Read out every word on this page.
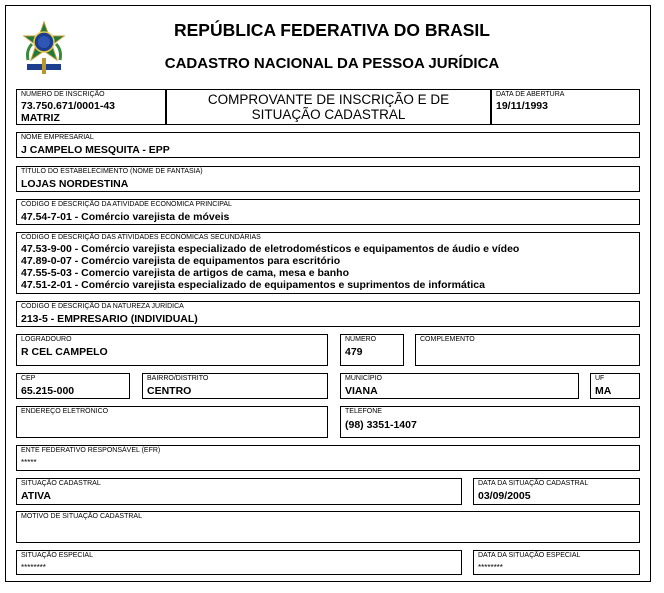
REPÚBLICA FEDERATIVA DO BRASIL
CADASTRO NACIONAL DA PESSOA JURÍDICA
NÚMERO DE INSCRIÇÃO
73.750.671/0001-43
MATRIZ
COMPROVANTE DE INSCRIÇÃO E DE
SITUAÇÃO CADASTRAL
DATA DE ABERTURA
19/11/1993
NOME EMPRESARIAL
J CAMPELO MESQUITA - EPP
TÍTULO DO ESTABELECIMENTO (NOME DE FANTASIA)
LOJAS NORDESTINA
CÓDIGO E DESCRIÇÃO DA ATIVIDADE ECONÔMICA PRINCIPAL
47.54-7-01 - Comércio varejista de móveis
CÓDIGO E DESCRIÇÃO DAS ATIVIDADES ECONÔMICAS SECUNDÁRIAS
47.53-9-00 - Comércio varejista especializado de eletrodomésticos e equipamentos de áudio e vídeo
47.89-0-07 - Comércio varejista de equipamentos para escritório
47.55-5-03 - Comercio varejista de artigos de cama, mesa e banho
47.51-2-01 - Comércio varejista especializado de equipamentos e suprimentos de informática
CÓDIGO E DESCRIÇÃO DA NATUREZA JURÍDICA
213-5 - EMPRESARIO (INDIVIDUAL)
LOGRADOURO
R CEL CAMPELO
NÚMERO
479
COMPLEMENTO
CEP
65.215-000
BAIRRO/DISTRITO
CENTRO
MUNICÍPIO
VIANA
UF
MA
ENDEREÇO ELETRÔNICO	TELEFONE
(98) 3351-1407
ENTE FEDERATIVO RESPONSÁVEL (EFR)
*****
SITUAÇÃO CADASTRAL
ATIVA
DATA DA SITUAÇÃO CADASTRAL
03/09/2005
MOTIVO DE SITUAÇÃO CADASTRAL
SITUAÇÃO ESPECIAL
********
DATA DA SITUAÇÃO ESPECIAL
********
